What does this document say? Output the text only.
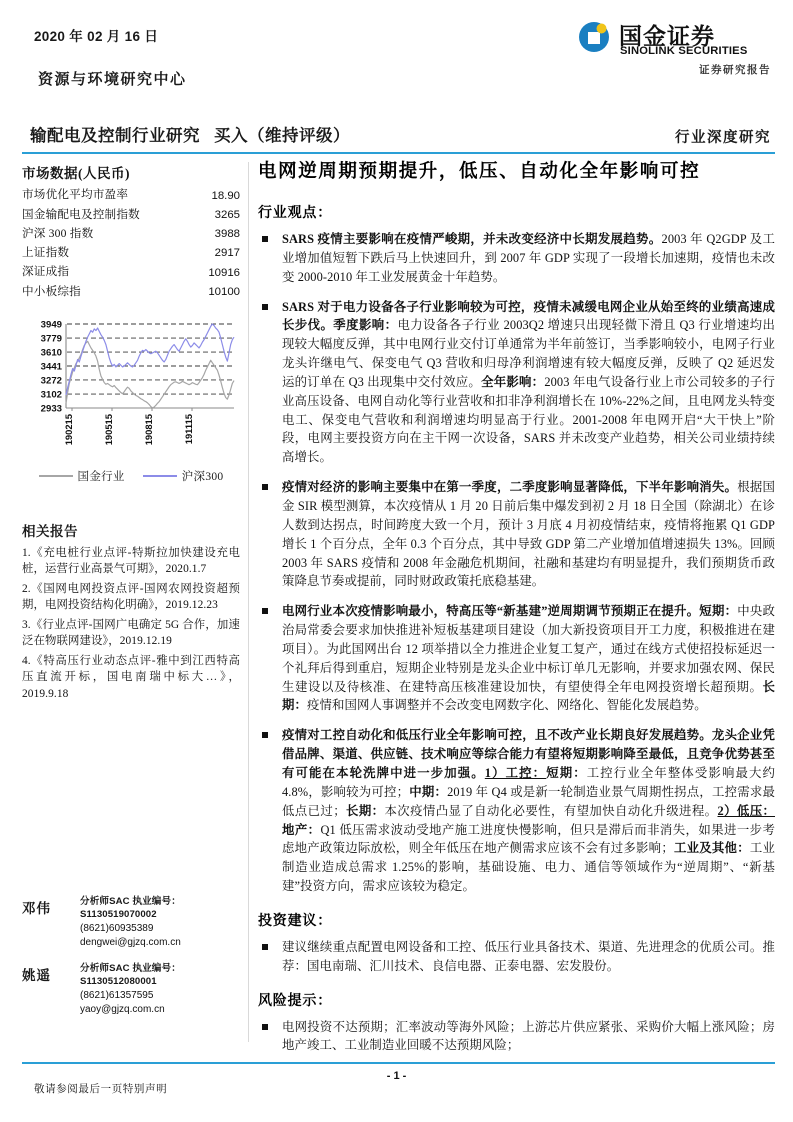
2020 年 02 月 16 日
资源与环境研究中心
国金证券
SINOLINK SECURITIES
证券研究报告
输配电及控制行业研究 买入（维持评级）	行业深度研究
市场数据(人民币)
市场优化平均市盈率	18.90
国金输配电及控制指数	3265
沪深 300 指数	3988
上证指数	2917
深证成指	10916
中小板综指	10100
2933
3102
3272
3441
3610
3779
3949
190215	190515	190815	191115
国金行业	沪深300
相关报告
1.《充电桩行业点评-特斯拉加快建设充电桩，运营行业高景气可期》，2020.1.7
2.《国网电网投资点评-国网农网投资超预期，电网投资结构化明确》，2019.12.23
3.《行业点评-国网广电确定 5G 合作，加速泛在物联网建设》，2019.12.19
4.《特高压行业动态点评-雅中到江西特高压直流开标，国电南瑞中标大…》，2019.9.18
邓伟	分析师SAC 执业编号：S1130519070002
(8621)60935389
dengwei@gjzq.com.cn
姚遥	分析师SAC 执业编号：S1130512080001
(8621)61357595
yaoy@gjzq.com.cn
电网逆周期预期提升，低压、自动化全年影响可控
行业观点：
SARS 疫情主要影响在疫情严峻期，并未改变经济中长期发展趋势。2003 年 Q2GDP 及工业增加值短暂下跌后马上快速回升，到 2007 年 GDP 实现了一段增长加速期，疫情也未改变 2000-2010 年工业发展黄金十年趋势。
SARS 对于电力设备各子行业影响较为可控，疫情未减缓电网企业从始至终的业绩高速成长步伐。季度影响：电力设备各子行业 2003Q2 增速只出现轻微下滑且 Q3 行业增速均出现较大幅度反弹，其中电网行业交付订单通常为半年前签订，当季影响较小，电网子行业龙头许继电气、保变电气 Q3 营收和归母净利润增速有较大幅度反弹，反映了 Q2 延迟发运的订单在 Q3 出现集中交付效应。全年影响：2003 年电气设备行业上市公司较多的子行业高压设备、电网自动化等行业营收和扣非净利润增长在 10%-22%之间，且电网龙头特变电工、保变电气营收和利润增速均明显高于行业。2001-2008 年电网开启“大干快上”阶段，电网主要投资方向在主干网一次设备，SARS 并未改变产业趋势，相关公司业绩持续高增长。
疫情对经济的影响主要集中在第一季度，二季度影响显著降低，下半年影响消失。根据国金 SIR 模型测算，本次疫情从 1 月 20 日前后集中爆发到初 2 月 18 日全国（除湖北）在诊人数到达拐点，时间跨度大致一个月，预计 3 月底 4 月初疫情结束，疫情将拖累 Q1 GDP 增长 1 个百分点，全年 0.3 个百分点，其中导致 GDP 第二产业增加值增速损失 13%。回顾 2003 年 SARS 疫情和 2008 年金融危机期间，社融和基建均有明显提升，我们预期货币政策降息节奏或提前，同时财政政策托底稳基建。
电网行业本次疫情影响最小，特高压等“新基建”逆周期调节预期正在提升。短期：中央政治局常委会要求加快推进补短板基建项目建设（加大新投资项目开工力度，积极推进在建项目）。为此国网出台 12 项举措以全力推进企业复工复产，通过在线方式使招投标延迟一个礼拜后得到重启，短期企业特别是龙头企业中标订单几无影响，并要求加强农网、保民生建设以及待核准、在建特高压核准建设加快，有望使得全年电网投资增长超预期。长期：疫情和国网人事调整并不会改变电网数字化、网络化、智能化发展趋势。
疫情对工控自动化和低压行业全年影响可控，且不改产业长期良好发展趋势。龙头企业凭借品牌、渠道、供应链、技术响应等综合能力有望将短期影响降至最低，且竞争优势甚至有可能在本轮洗牌中进一步加强。1）工控：短期：工控行业全年整体受影响最大约 4.8%，影响较为可控；中期：2019 年 Q4 或是新一轮制造业景气周期性拐点，工控需求最低点已过；长期：本次疫情凸显了自动化必要性，有望加快自动化升级进程。2）低压：地产：Q1 低压需求波动受地产施工进度快慢影响，但只是滞后而非消失，如果进一步考虑地产政策边际放松，则全年低压在地产侧需求应该不会有过多影响；工业及其他：工业制造业造成总需求 1.25%的影响，基础设施、电力、通信等领域作为“逆周期”、“新基建”投资方向，需求应该较为稳定。
投资建议：
建议继续重点配置电网设备和工控、低压行业具备技术、渠道、先进理念的优质公司。推荐：国电南瑞、汇川技术、良信电器、正泰电器、宏发股份。
风险提示：
电网投资不达预期；汇率波动等海外风险；上游芯片供应紧张、采购价大幅上涨风险；房地产竣工、工业制造业回暖不达预期风险；
- 1 -
敬请参阅最后一页特别声明
